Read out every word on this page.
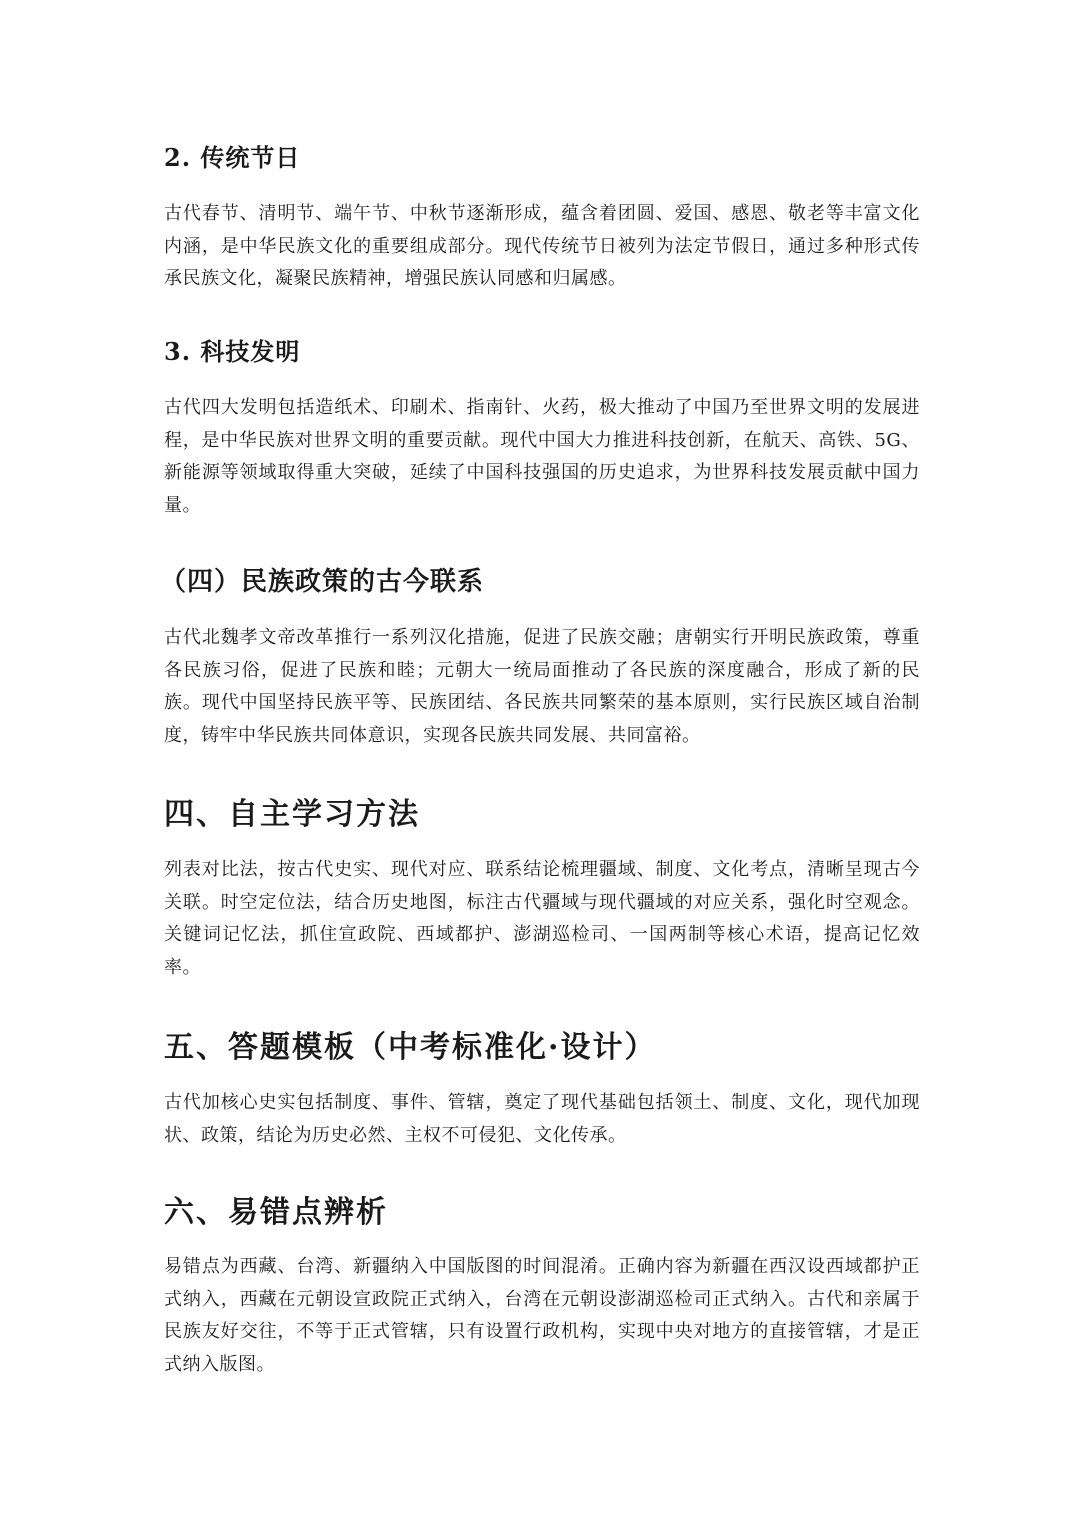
2. 传统节日

古代春节、清明节、端午节、中秋节逐渐形成，蕴含着团圆、爱国、感恩、敬老等丰富文化内涵，是中华民族文化的重要组成部分。现代传统节日被列为法定节假日，通过多种形式传承民族文化，凝聚民族精神，增强民族认同感和归属感。

3. 科技发明

古代四大发明包括造纸术、印刷术、指南针、火药，极大推动了中国乃至世界文明的发展进程，是中华民族对世界文明的重要贡献。现代中国大力推进科技创新，在航天、高铁、5G、新能源等领域取得重大突破，延续了中国科技强国的历史追求，为世界科技发展贡献中国力量。

（四）民族政策的古今联系

古代北魏孝文帝改革推行一系列汉化措施，促进了民族交融；唐朝实行开明民族政策，尊重各民族习俗，促进了民族和睦；元朝大一统局面推动了各民族的深度融合，形成了新的民族。现代中国坚持民族平等、民族团结、各民族共同繁荣的基本原则，实行民族区域自治制度，铸牢中华民族共同体意识，实现各民族共同发展、共同富裕。

四、自主学习方法

列表对比法，按古代史实、现代对应、联系结论梳理疆域、制度、文化考点，清晰呈现古今关联。时空定位法，结合历史地图，标注古代疆域与现代疆域的对应关系，强化时空观念。关键词记忆法，抓住宣政院、西域都护、澎湖巡检司、一国两制等核心术语，提高记忆效率。

五、答题模板（中考标准化·设计）

古代加核心史实包括制度、事件、管辖，奠定了现代基础包括领土、制度、文化，现代加现状、政策，结论为历史必然、主权不可侵犯、文化传承。

六、易错点辨析

易错点为西藏、台湾、新疆纳入中国版图的时间混淆。正确内容为新疆在西汉设西域都护正式纳入，西藏在元朝设宣政院正式纳入，台湾在元朝设澎湖巡检司正式纳入。古代和亲属于民族友好交往，不等于正式管辖，只有设置行政机构，实现中央对地方的直接管辖，才是正式纳入版图。
